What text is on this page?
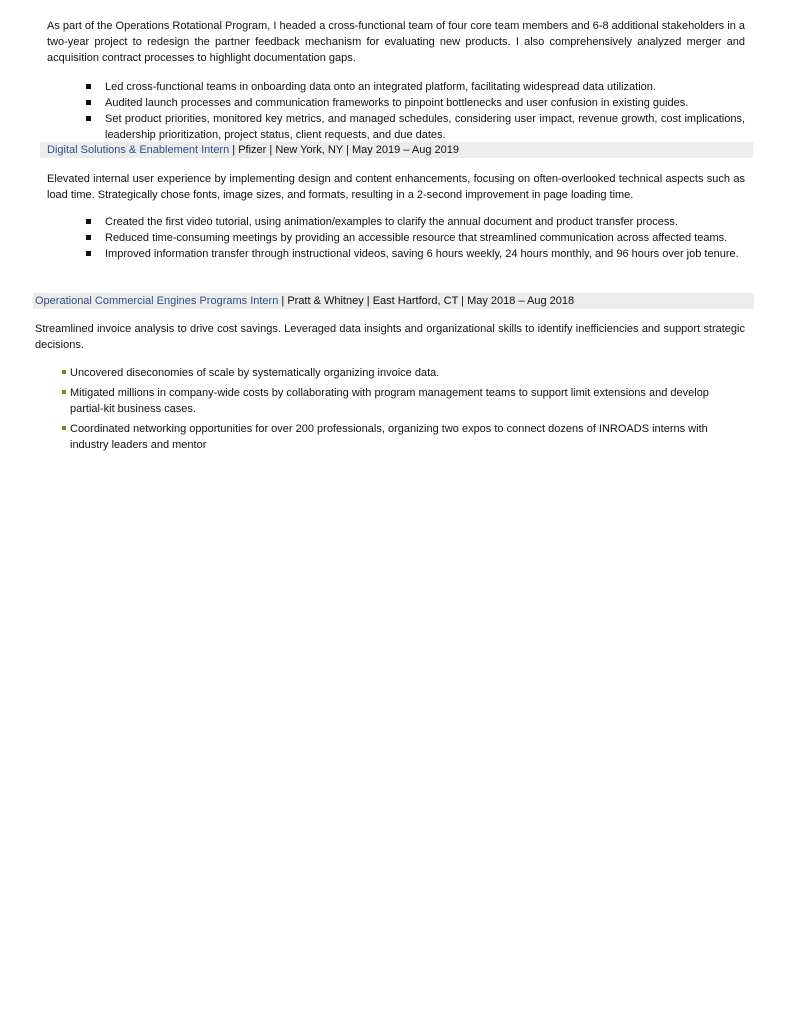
As part of the Operations Rotational Program, I headed a cross-functional team of four core team members and 6-8 additional stakeholders in a two-year project to redesign the partner feedback mechanism for evaluating new products. I also comprehensively analyzed merger and acquisition contract processes to highlight documentation gaps.

Led cross-functional teams in onboarding data onto an integrated platform, facilitating widespread data utilization.
Audited launch processes and communication frameworks to pinpoint bottlenecks and user confusion in existing guides.
Set product priorities, monitored key metrics, and managed schedules, considering user impact, revenue growth, cost implications, leadership prioritization, project status, client requests, and due dates.
Digital Solutions & Enablement Intern | Pfizer | New York, NY | May 2019 – Aug 2019

Elevated internal user experience by implementing design and content enhancements, focusing on often-overlooked technical aspects such as load time. Strategically chose fonts, image sizes, and formats, resulting in a 2-second improvement in page loading time.

Created the first video tutorial, using animation/examples to clarify the annual document and product transfer process.
Reduced time-consuming meetings by providing an accessible resource that streamlined communication across affected teams.
Improved information transfer through instructional videos, saving 6 hours weekly, 24 hours monthly, and 96 hours over job tenure.
Operational Commercial Engines Programs Intern | Pratt & Whitney | East Hartford, CT | May 2018 – Aug 2018

Streamlined invoice analysis to drive cost savings. Leveraged data insights and organizational skills to identify inefficiencies and support strategic decisions.

Uncovered diseconomies of scale by systematically organizing invoice data.
Mitigated millions in company-wide costs by collaborating with program management teams to support limit extensions and develop partial-kit business cases.
Coordinated networking opportunities for over 200 professionals, organizing two expos to connect dozens of INROADS interns with industry leaders and mentor
